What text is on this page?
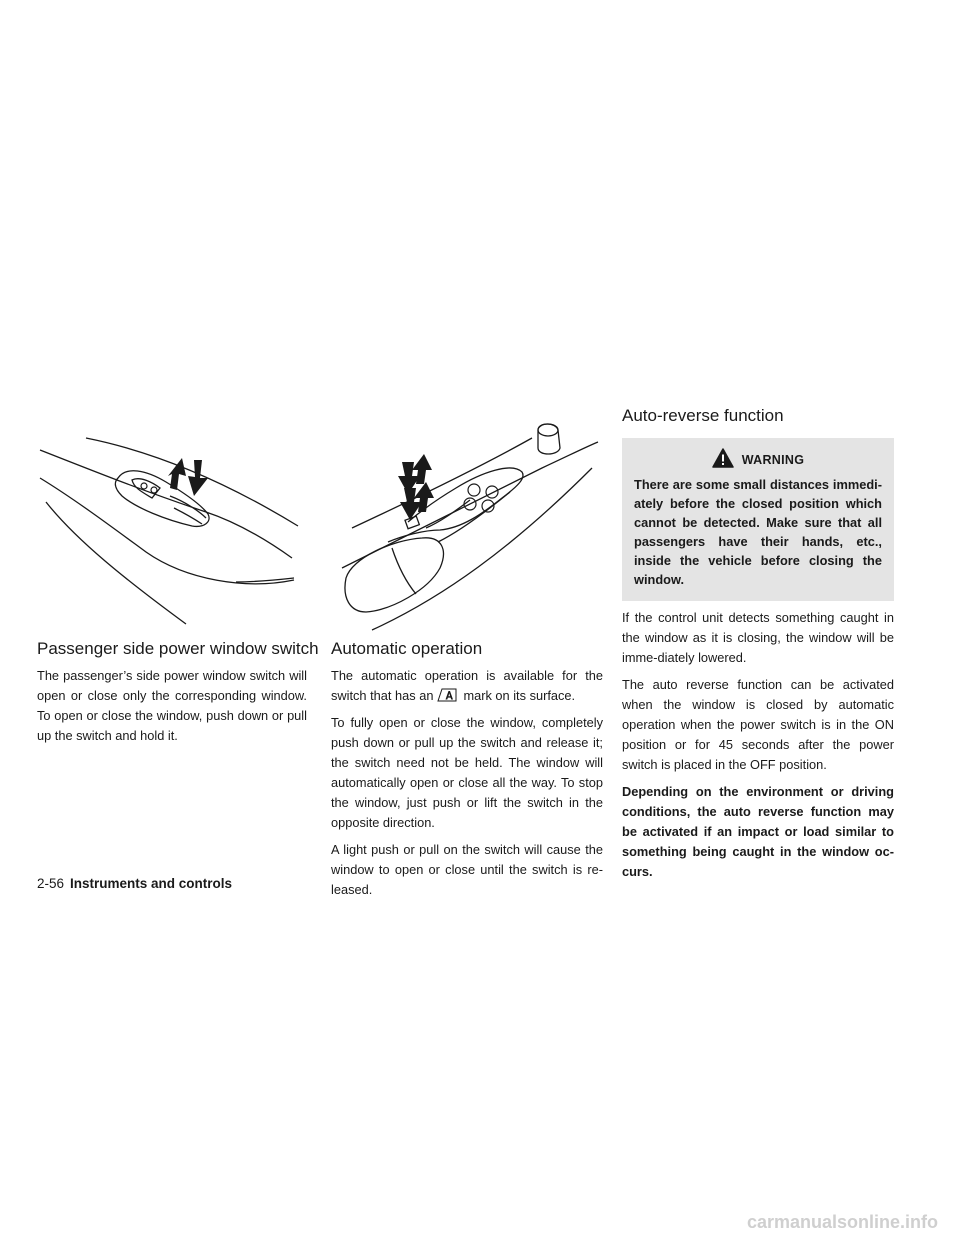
Passenger side power window switch

The passenger’s side power window switch will open or close only the corresponding window. To open or close the window, push down or pull up the switch and hold it.

Automatic operation

The automatic operation is available for the switch that has an mark on its surface.

To fully open or close the window, completely push down or pull up the switch and release it; the switch need not be held. The window will automatically open or close all the way. To stop the window, just push or lift the switch in the opposite direction.

A light push or pull on the switch will cause the window to open or close until the switch is re-leased.

Auto-reverse function
WARNING

There are some small distances immedi-ately before the closed position which cannot be detected. Make sure that all passengers have their hands, etc., inside the vehicle before closing the window.

If the control unit detects something caught in the window as it is closing, the window will be imme-diately lowered.

The auto reverse function can be activated when the window is closed by automatic operation when the power switch is in the ON position or for 45 seconds after the power switch is placed in the OFF position.

Depending on the environment or driving conditions, the auto reverse function may be activated if an impact or load similar to something being caught in the window oc-curs.

2-56 Instruments and controls
carmanualsonline.info
